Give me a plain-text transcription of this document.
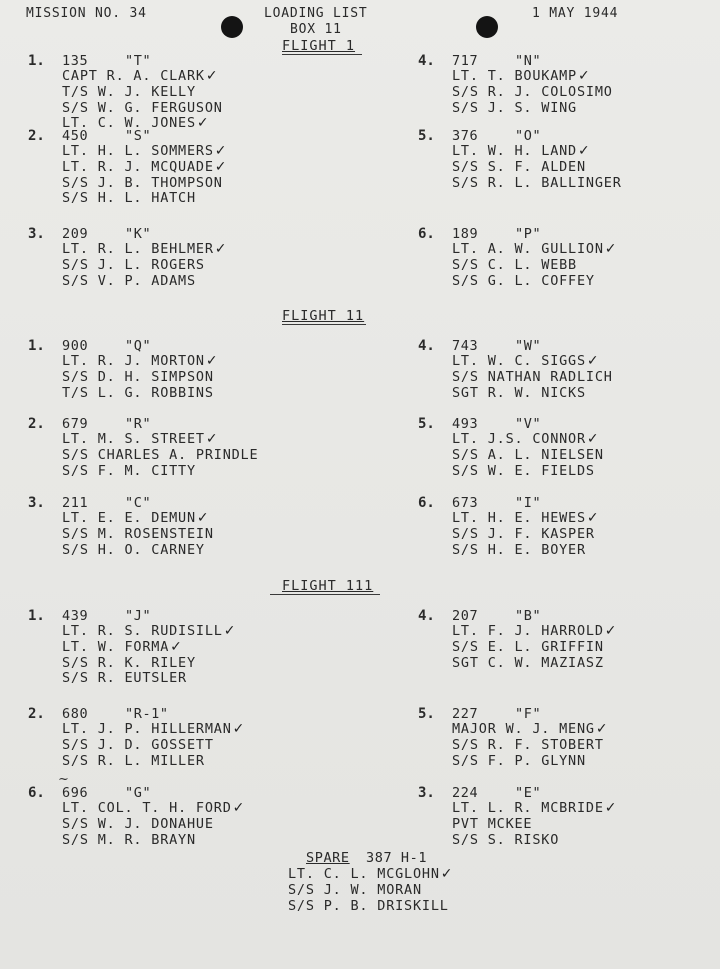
MISSION NO. 34	LOADING LIST
BOX 11
1 MAY 1944
FLIGHT 1
FLIGHT 11
FLIGHT 111
SPARE 387 H-1
LT. C. L. MCGLOHN✓
S/S J. W. MORAN
S/S P. B. DRISKILL
~
1. 135	"T"
CAPT R. A. CLARK✓
T/S W. J. KELLY
S/S W. G. FERGUSON
LT. C. W. JONES✓
2. 450	"S"
LT. H. L. SOMMERS✓
LT. R. J. MCQUADE✓
S/S J. B. THOMPSON
S/S H. L. HATCH
3. 209	"K"
LT. R. L. BEHLMER✓
S/S J. L. ROGERS
S/S V. P. ADAMS
4. 717	"N"
LT. T. BOUKAMP✓
S/S R. J. COLOSIMO
S/S J. S. WING
5. 376	"O"
LT. W. H. LAND✓
S/S S. F. ALDEN
S/S R. L. BALLINGER
6. 189	"P"
LT. A. W. GULLION✓
S/S C. L. WEBB
S/S G. L. COFFEY
1. 900	"Q"
LT. R. J. MORTON✓
S/S D. H. SIMPSON
T/S L. G. ROBBINS
2. 679	"R"
LT. M. S. STREET✓
S/S CHARLES A. PRINDLE
S/S F. M. CITTY
3. 211	"C"
LT. E. E. DEMUN✓
S/S M. ROSENSTEIN
S/S H. O. CARNEY
4. 743	"W"
LT. W. C. SIGGS✓
S/S NATHAN RADLICH
SGT R. W. NICKS
5. 493	"V"
LT. J.S. CONNOR✓
S/S A. L. NIELSEN
S/S W. E. FIELDS
6. 673	"I"
LT. H. E. HEWES✓
S/S J. F. KASPER
S/S H. E. BOYER
1. 439	"J"
LT. R. S. RUDISILL✓
LT. W. FORMA✓
S/S R. K. RILEY
S/S R. EUTSLER
2. 680	"R-1"
LT. J. P. HILLERMAN✓
S/S J. D. GOSSETT
S/S R. L. MILLER
6. 696	"G"
LT. COL. T. H. FORD✓
S/S W. J. DONAHUE
S/S M. R. BRAYN
4. 207	"B"
LT. F. J. HARROLD✓
S/S E. L. GRIFFIN
SGT C. W. MAZIASZ
5. 227	"F"
MAJOR W. J. MENG✓
S/S R. F. STOBERT
S/S F. P. GLYNN
3. 224	"E"
LT. L. R. MCBRIDE✓
PVT MCKEE
S/S S. RISKO
